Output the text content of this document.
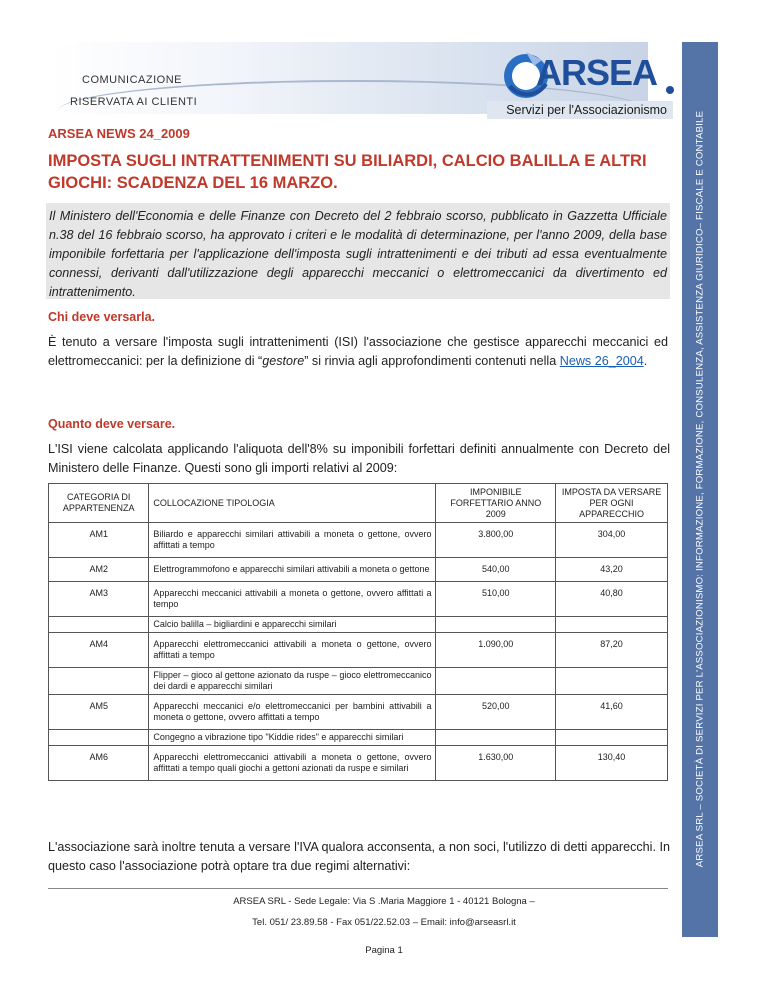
COMUNICAZIONE
RISERVATA AI CLIENTI
ARSEA
Servizi per l'Associazionismo
ARSEA SRL – SOCIETÀ DI SERVIZI PER L'ASSOCIAZIONISMO: INFORMAZIONE, FORMAZIONE, CONSULENZA, ASSISTENZA GIURIDICO– FISCALE E CONTABILE
ARSEA NEWS 24_2009
IMPOSTA SUGLI INTRATTENIMENTI SU BILIARDI, CALCIO BALILLA E ALTRI GIOCHI: SCADENZA DEL 16 MARZO.

Il Ministero dell'Economia e delle Finanze con Decreto del 2 febbraio scorso, pubblicato in Gazzetta Ufficiale n.38 del 16 febbraio scorso, ha approvato i criteri e le modalità di determinazione, per l'anno 2009, della base imponibile forfettaria per l'applicazione dell'imposta sugli intrattenimenti e dei tributi ad essa eventualmente connessi, derivanti dall'utilizzazione degli apparecchi meccanici o elettromeccanici da divertimento ed intrattenimento.

Chi deve versarla.

È tenuto a versare l'imposta sugli intrattenimenti (ISI) l'associazione che gestisce apparecchi meccanici ed elettromeccanici: per la definizione di “gestore” si rinvia agli approfondimenti contenuti nella News 26_2004.

Quanto deve versare.

L'ISI viene calcolata applicando l'aliquota dell'8% su imponibili forfettari definiti annualmente con Decreto del Ministero delle Finanze. Questi sono gli importi relativi al 2009:

CATEGORIA DI APPARTENENZA	COLLOCAZIONE TIPOLOGIA	IMPONIBILE FORFETTARIO ANNO 2009	IMPOSTA DA VERSARE PER OGNI APPARECCHIO
AM1	Biliardo e apparecchi similari attivabili a moneta o gettone, ovvero affittati a tempo	3.800,00	304,00
AM2	Elettrogrammofono e apparecchi similari attivabili a moneta o gettone	540,00	43,20
AM3	Apparecchi meccanici attivabili a moneta o gettone, ovvero affittati a tempo	510,00	40,80
	Calcio balilla – bigliardini e apparecchi similari		
AM4	Apparecchi elettromeccanici attivabili a moneta o gettone, ovvero affittati a tempo	1.090,00	87,20
	Flipper – gioco al gettone azionato da ruspe – gioco elettromeccanico dei dardi e apparecchi similari		
AM5	Apparecchi meccanici e/o elettromeccanici per bambini attivabili a moneta o gettone, ovvero affittati a tempo	520,00	41,60
	Congegno a vibrazione tipo "Kiddie rides" e apparecchi similari		
AM6	Apparecchi elettromeccanici attivabili a moneta o gettone, ovvero affittati a tempo quali giochi a gettoni azionati da ruspe e similari	1.630,00	130,40

L'associazione sarà inoltre tenuta a versare l'IVA qualora acconsenta, a non soci, l'utilizzo di detti apparecchi. In questo caso l'associazione potrà optare tra due regimi alternativi:

ARSEA SRL - Sede Legale: Via S .Maria Maggiore 1 - 40121 Bologna –
Tel. 051/ 23.89.58 - Fax 051/22.52.03 – Email: info@arseasrl.it
Pagina 1
